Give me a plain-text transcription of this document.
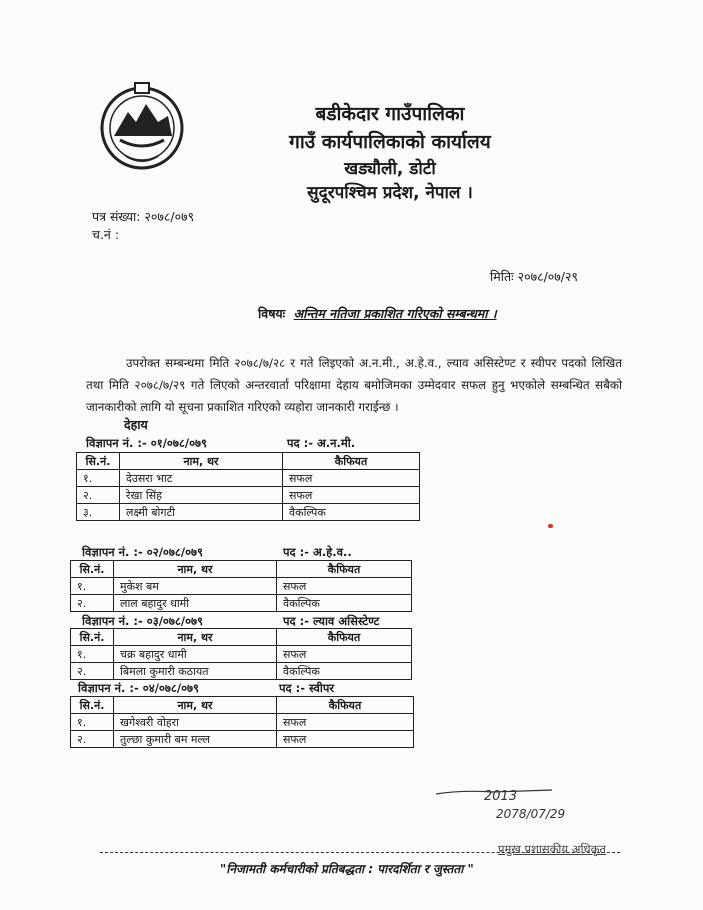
बडीकेदार गाउँपालिका
गाउँ कार्यपालिकाको कार्यालय
खड्यौली, डोटी
सुदूरपश्चिम प्रदेश, नेपाल ।
पत्र संख्या: २०७८/०७९
च.नं :
मितिः २०७८/०७/२९
विषयः अन्तिम नतिजा प्रकाशित गरिएको सम्बन्धमा ।
उपरोक्त सम्बन्धमा मिति २०७८/७/२८ र गते लिइएको अ.न.मी., अ.हे.व., ल्याव असिस्टेण्ट र स्वीपर पदको लिखित तथा मिति २०७८/७/२९ गते लिएको अन्तरवार्ता परिक्षामा देहाय बमोजिमका उम्मेदवार सफल हुनु भएकोले सम्बन्धित सबैको जानकारीको लागि यो सूचना प्रकाशित गरिएको व्यहोरा जानकारी गराईन्छ ।
देहाय
विज्ञापन नं. :- ०१/०७८/०७९	पद :- अ.न.मी.
सि.नं.	नाम, थर	कैफियत
१.	देउसरा भाट	सफल
२.	रेखा सिंह	सफल
३.	लक्ष्मी बोगटी	वैकल्पिक
विज्ञापन नं. :- ०२/०७८/०७९	पद :- अ.हे.व..
सि.नं.	नाम, थर	कैफियत
१.	मुकेश बम	सफल
२.	लाल बहादुर धामी	वैकल्पिक
विज्ञापन नं. :- ०३/०७८/०७९	पद :- ल्याव असिस्टेण्ट
सि.नं.	नाम, थर	कैफियत
१.	चक्र बहादुर धामी	सफल
२.	बिमला कुमारी कठायत	वैकल्पिक
विज्ञापन नं. :- ०४/०७८/०७९	पद :- स्वीपर
सि.नं.	नाम, थर	कैफियत
१.	खगेश्वरी वोहरा	सफल
२.	तुल्छा कुमारी बम मल्ल	सफल
2013
2078/07/29
प्रमुख प्रशासकीय अधिकृत
"निजामती कर्मचारीको प्रतिबद्धता : पारदर्शिता र जुस्तता "
